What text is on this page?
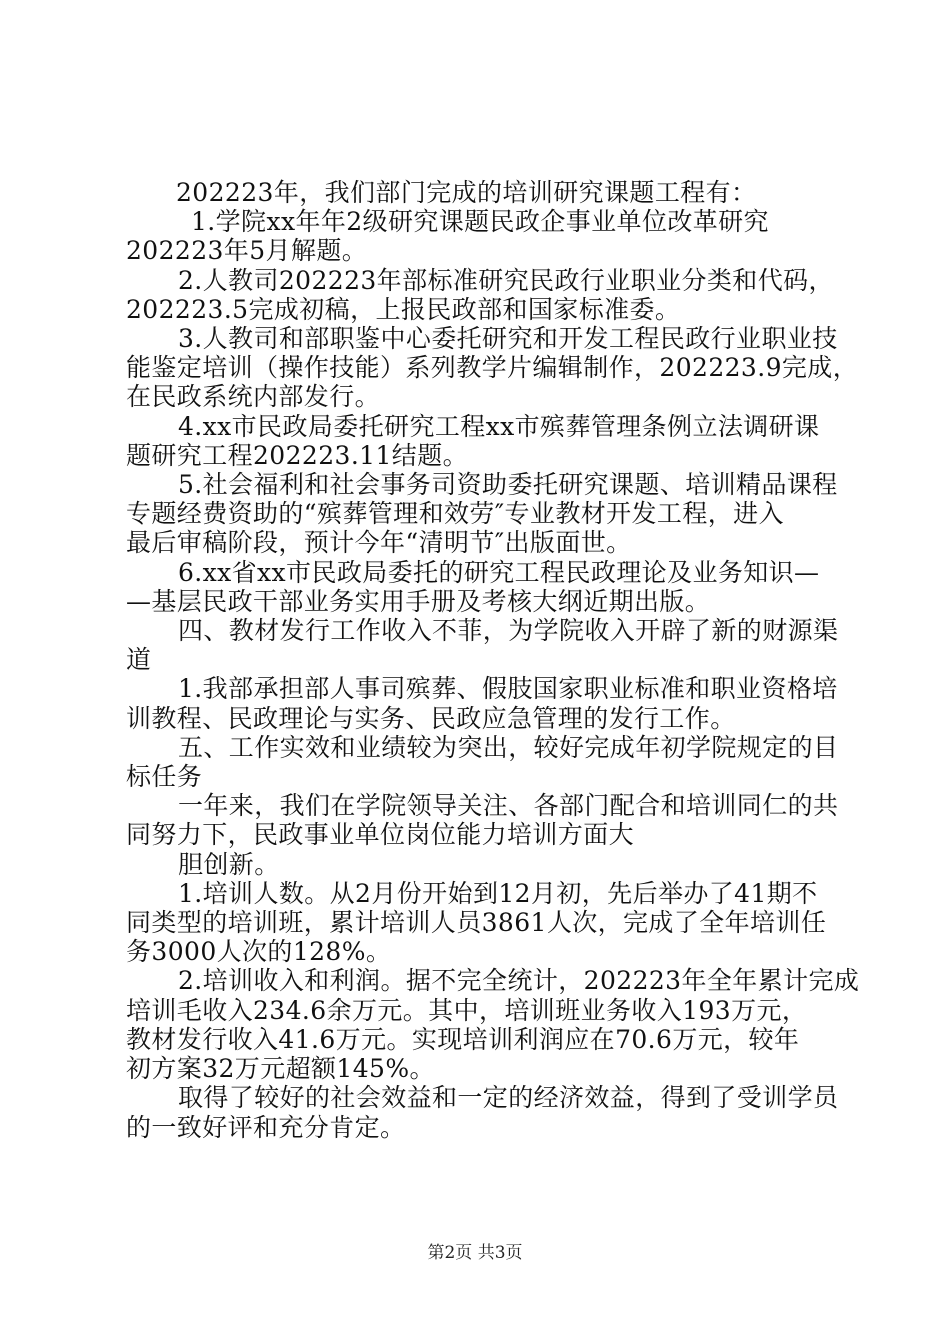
202223年，我们部门完成的培训研究课题工程有：
1.学院xx年年2级研究课题民政企事业单位改革研究
202223年5月解题。
2.人教司202223年部标准研究民政行业职业分类和代码，
202223.5完成初稿，上报民政部和国家标准委。
3.人教司和部职鉴中心委托研究和开发工程民政行业职业技
能鉴定培训（操作技能）系列教学片编辑制作，202223.9完成，
在民政系统内部发行。
4.xx市民政局委托研究工程xx市殡葬管理条例立法调研课
题研究工程202223.11结题。
5.社会福利和社会事务司资助委托研究课题、培训精品课程
专题经费资助的“殡葬管理和效劳″专业教材开发工程，进入
最后审稿阶段，预计今年“清明节″出版面世。
6.xx省xx市民政局委托的研究工程民政理论及业务知识—
—基层民政干部业务实用手册及考核大纲近期出版。
四、教材发行工作收入不菲，为学院收入开辟了新的财源渠
道
1.我部承担部人事司殡葬、假肢国家职业标准和职业资格培
训教程、民政理论与实务、民政应急管理的发行工作。
五、工作实效和业绩较为突出，较好完成年初学院规定的目
标任务
一年来，我们在学院领导关注、各部门配合和培训同仁的共
同努力下，民政事业单位岗位能力培训方面大
胆创新。
1.培训人数。从2月份开始到12月初，先后举办了41期不
同类型的培训班，累计培训人员3861人次，完成了全年培训任
务3000人次的128%。
2.培训收入和利润。据不完全统计，202223年全年累计完成
培训毛收入234.6余万元。其中，培训班业务收入193万元，
教材发行收入41.6万元。实现培训利润应在70.6万元，较年
初方案32万元超额145%。
取得了较好的社会效益和一定的经济效益，得到了受训学员
的一致好评和充分肯定。
第2页 共3页
